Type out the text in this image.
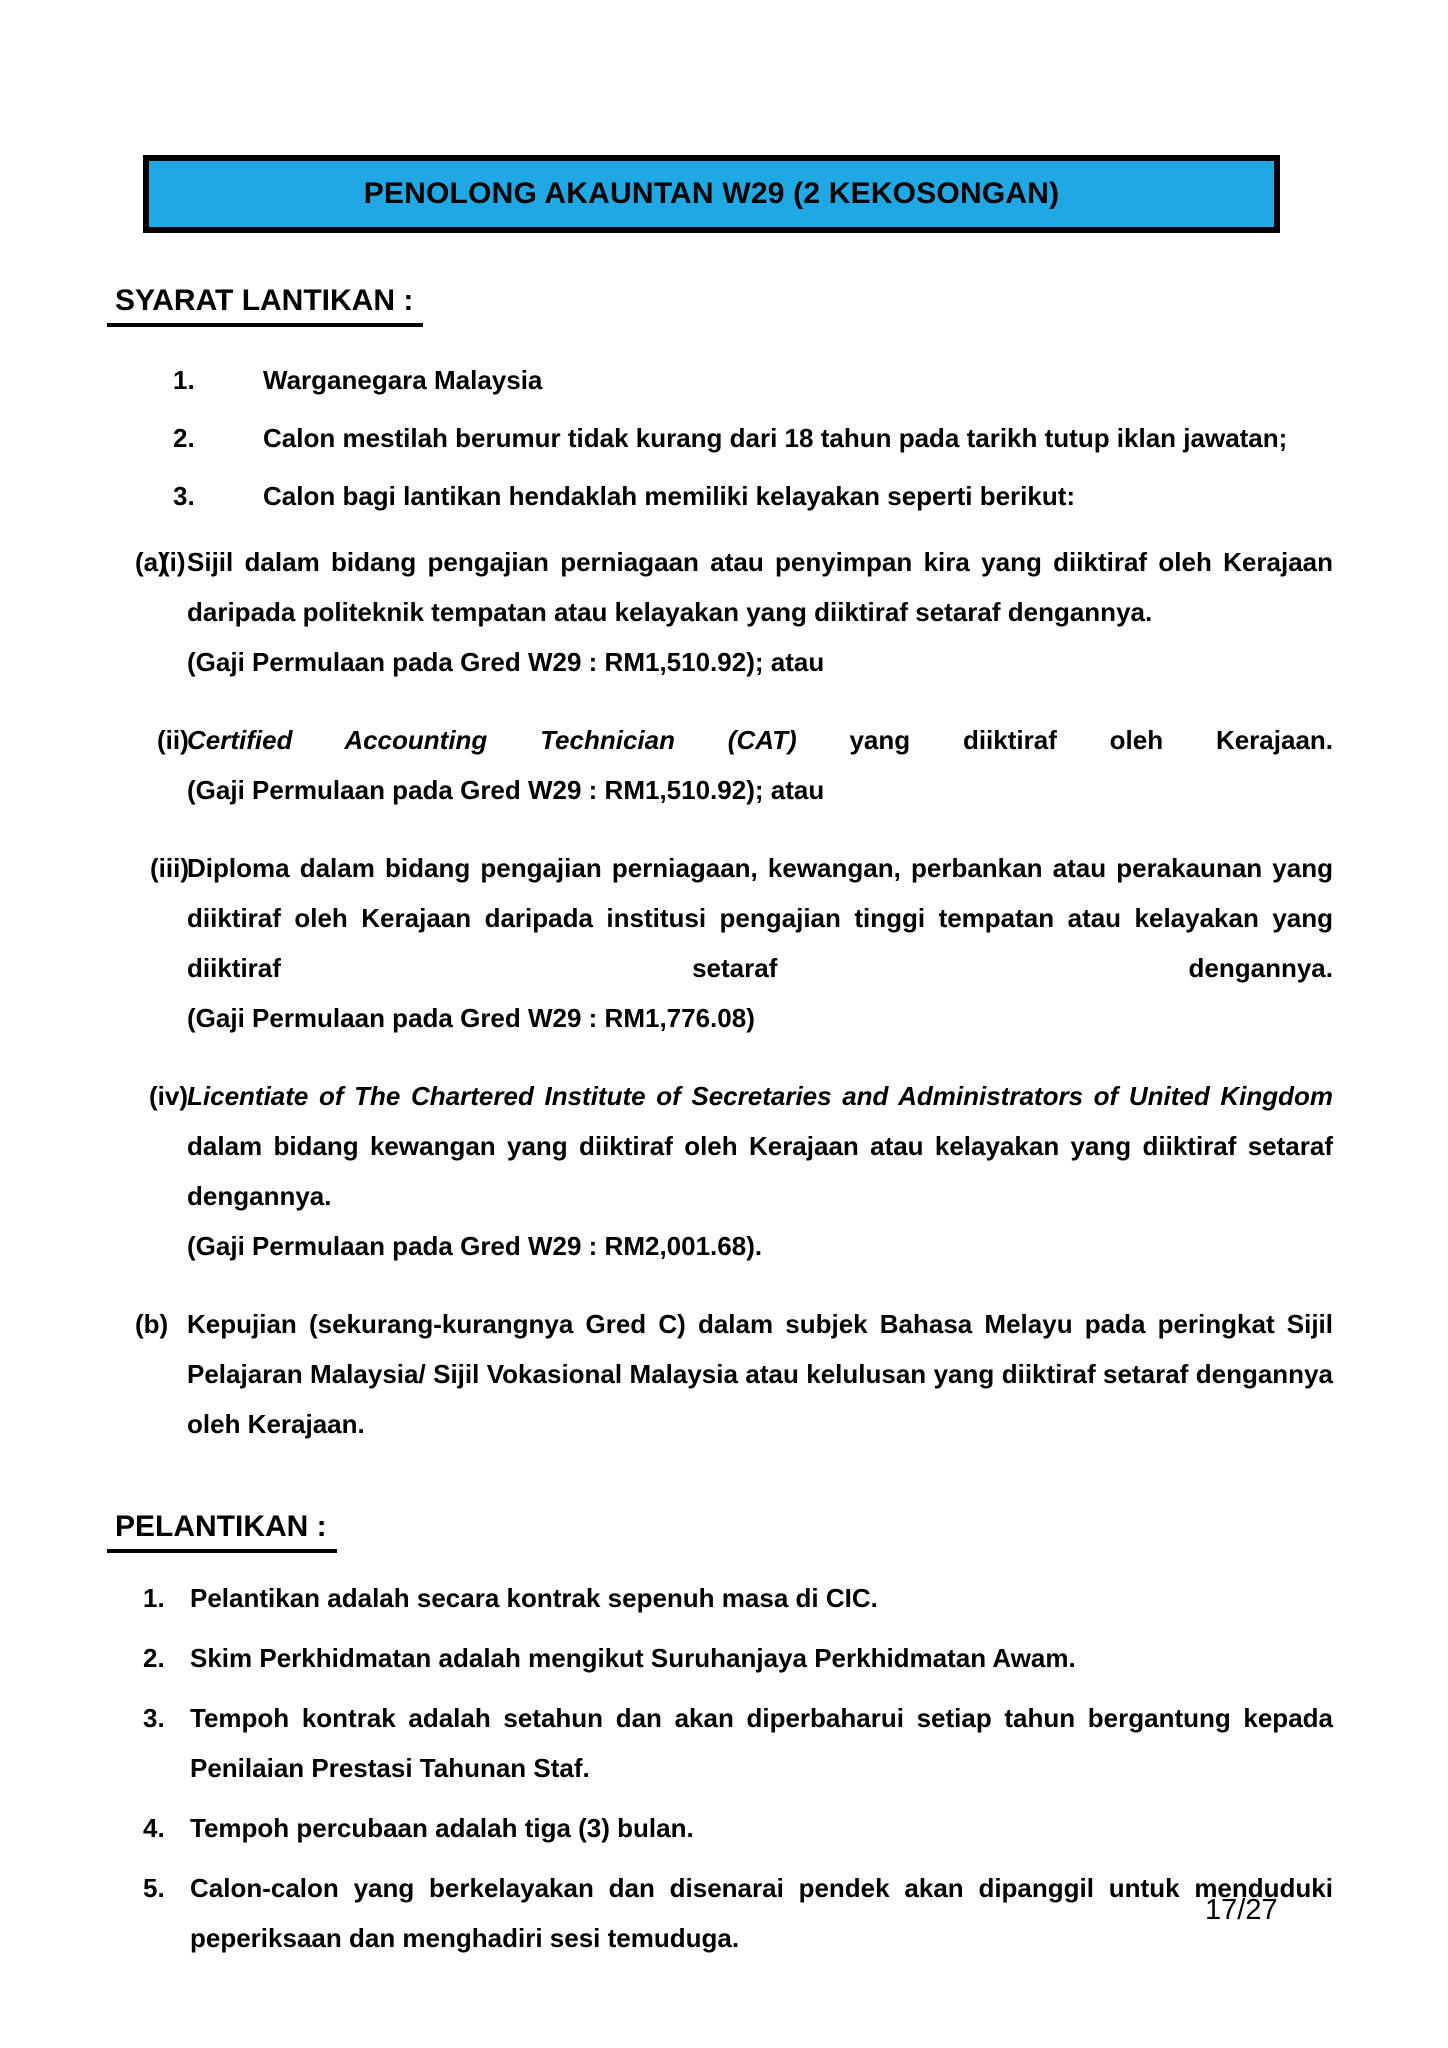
PENOLONG AKAUNTAN W29 (2 KEKOSONGAN)
SYARAT LANTIKAN :
1.	Warganegara Malaysia
2.	Calon mestilah berumur tidak kurang dari 18 tahun pada tarikh tutup iklan jawatan;
3.	Calon bagi lantikan hendaklah memiliki kelayakan seperti berikut:
(a)
(i) Sijil dalam bidang pengajian perniagaan atau penyimpan kira yang diiktiraf oleh Kerajaan daripada politeknik tempatan atau kelayakan yang diiktiraf setaraf dengannya.
(Gaji Permulaan pada Gred W29 : RM1,510.92); atau
(ii)
Certified Accounting Technician (CAT) yang diiktiraf oleh Kerajaan.
(Gaji Permulaan pada Gred W29 : RM1,510.92); atau
(iii)
Diploma dalam bidang pengajian perniagaan, kewangan, perbankan atau perakaunan yang diiktiraf oleh Kerajaan daripada institusi pengajian tinggi tempatan atau kelayakan yang diiktiraf setaraf dengannya.
(Gaji Permulaan pada Gred W29 : RM1,776.08)
(iv) Licentiate of The Chartered Institute of Secretaries and Administrators of United Kingdom dalam bidang kewangan yang diiktiraf oleh Kerajaan atau kelayakan yang diiktiraf setaraf dengannya.
(Gaji Permulaan pada Gred W29 : RM2,001.68).
(b) Kepujian (sekurang-kurangnya Gred C) dalam subjek Bahasa Melayu pada peringkat Sijil Pelajaran Malaysia/ Sijil Vokasional Malaysia atau kelulusan yang diiktiraf setaraf dengannya oleh Kerajaan.
PELANTIKAN :
1. Pelantikan adalah secara kontrak sepenuh masa di CIC.
2. Skim Perkhidmatan adalah mengikut Suruhanjaya Perkhidmatan Awam.
3. Tempoh kontrak adalah setahun dan akan diperbaharui setiap tahun bergantung kepada Penilaian Prestasi Tahunan Staf.
4. Tempoh percubaan adalah tiga (3) bulan.
5. Calon-calon yang berkelayakan dan disenarai pendek akan dipanggil untuk menduduki peperiksaan dan menghadiri sesi temuduga.
17/27
